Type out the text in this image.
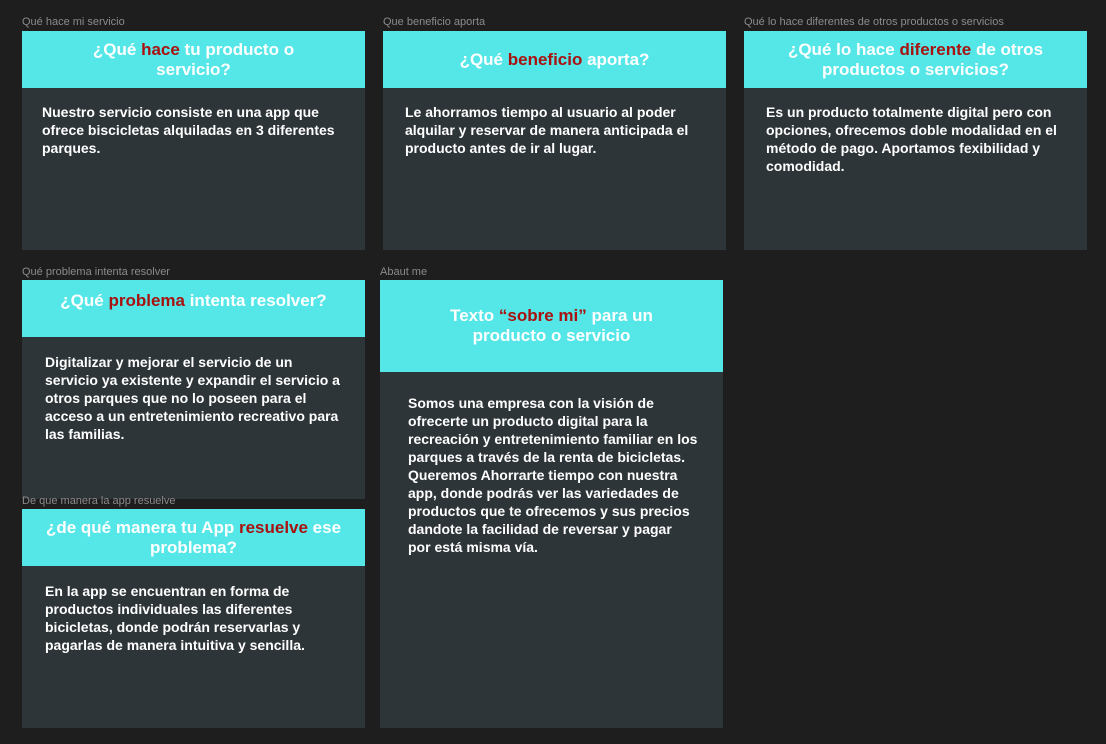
Qué hace mi servicio
¿Qué hace tu producto o servicio?
Nuestro servicio consiste en una app que ofrece biscicletas alquiladas en 3 diferentes parques.
Que beneficio aporta
¿Qué beneficio aporta?
Le ahorramos tiempo al usuario al poder alquilar y reservar de manera anticipada el producto antes de ir al lugar.
Qué lo hace diferentes de otros productos o servicios
¿Qué lo hace diferente de otros productos o servicios?
Es un producto totalmente digital pero con opciones, ofrecemos doble modalidad en el método de pago. Aportamos fexibilidad y comodidad.
Qué problema intenta resolver
¿Qué problema intenta resolver?
Digitalizar y mejorar el servicio de un servicio ya existente y expandir el servicio a otros parques que no lo poseen para el acceso a un entretenimiento recreativo para las familias.
De que manera la app resuelve
¿de qué manera tu App resuelve ese problema?
En la app se encuentran en forma de productos individuales las diferentes bicicletas, donde podrán reservarlas y pagarlas de manera intuitiva y sencilla.
Abaut me
Texto “sobre mi” para un producto o servicio
Somos una empresa con la visión de ofrecerte un producto digital para la recreación y entretenimiento familiar en los parques a través de la renta de bicicletas. Queremos Ahorrarte tiempo con nuestra app, donde podrás ver las variedades de productos que te ofrecemos y sus precios dandote la facilidad de reversar y pagar por está misma vía.
